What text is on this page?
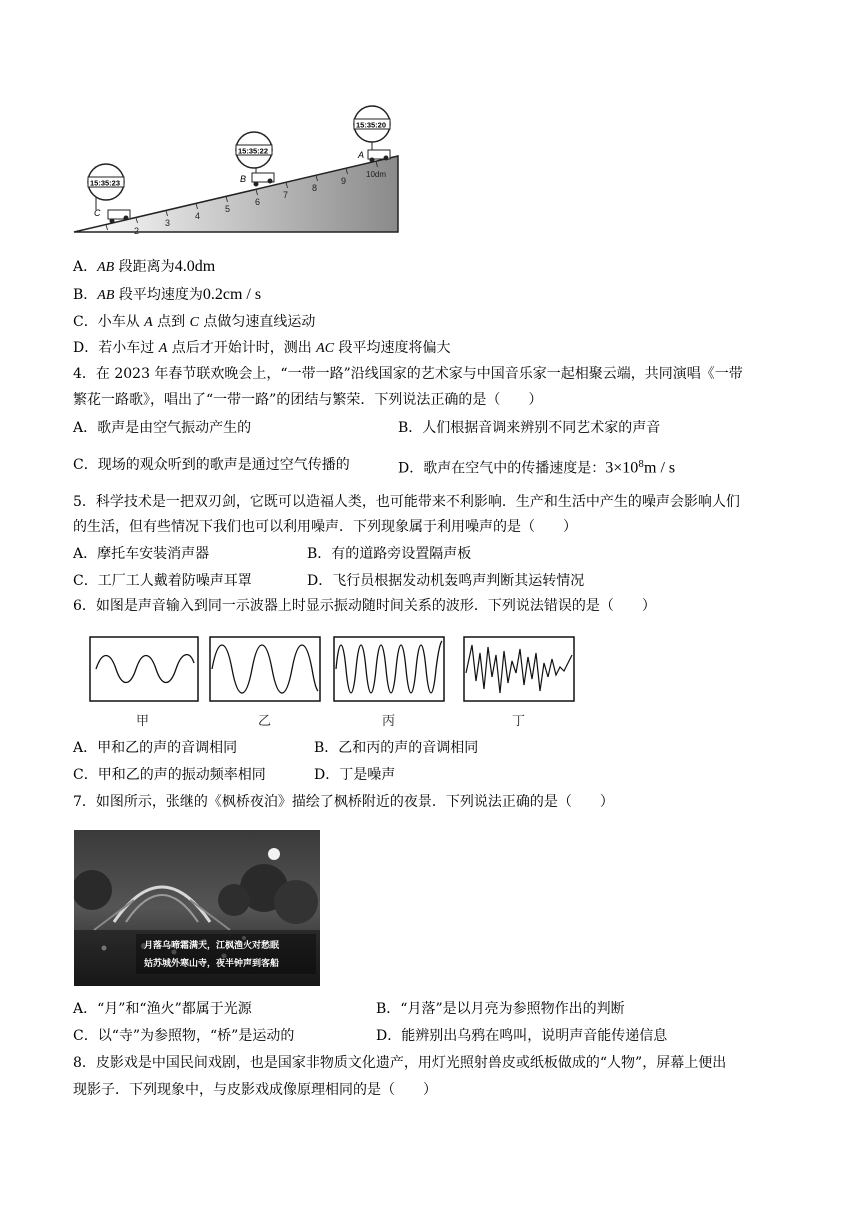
2
3
4
5
6
7
8
9
10dm
15:35:23
C
15:35:22
B
15:35:20
A
A．AB 段距离为4.0dm
B．AB 段平均速度为0.2cm / s
C．小车从 A 点到 C 点做匀速直线运动
D．若小车过 A 点后才开始计时，测出 AC 段平均速度将偏大
4．在 2023 年春节联欢晚会上，“一带一路”沿线国家的艺术家与中国音乐家一起相聚云端，共同演唱《一带
繁花一路歌》，唱出了“一带一路”的团结与繁荣．下列说法正确的是（　　）
A．歌声是由空气振动产生的	B．人们根据音调来辨别不同艺术家的声音
C．现场的观众听到的歌声是通过空气传播的	D．歌声在空气中的传播速度是：$3\times 10^8m / s$
5．科学技术是一把双刃剑，它既可以造福人类，也可能带来不利影响．生产和生活中产生的噪声会影响人们
的生活，但有些情况下我们也可以利用噪声．下列现象属于利用噪声的是（　　）
A．摩托车安装消声器	B．有的道路旁设置隔声板
C．工厂工人戴着防噪声耳罩	D．飞行员根据发动机轰鸣声判断其运转情况
6．如图是声音输入到同一示波器上时显示振动随时间关系的波形．下列说法错误的是（　　）
甲	乙	丙	丁
A．甲和乙的声的音调相同	B．乙和丙的声的音调相同
C．甲和乙的声的振动频率相同	D．丁是噪声
7．如图所示，张继的《枫桥夜泊》描绘了枫桥附近的夜景．下列说法正确的是（　　）
月落乌啼霜满天，江枫渔火对愁眠
姑苏城外寒山寺，夜半钟声到客船
A．“月”和“渔火”都属于光源	B．“月落”是以月亮为参照物作出的判断
C．以“寺”为参照物，“桥”是运动的	D．能辨别出乌鸦在鸣叫，说明声音能传递信息
8．皮影戏是中国民间戏剧，也是国家非物质文化遗产，用灯光照射兽皮或纸板做成的“人物”，屏幕上便出
现影子．下列现象中，与皮影戏成像原理相同的是（　　）
